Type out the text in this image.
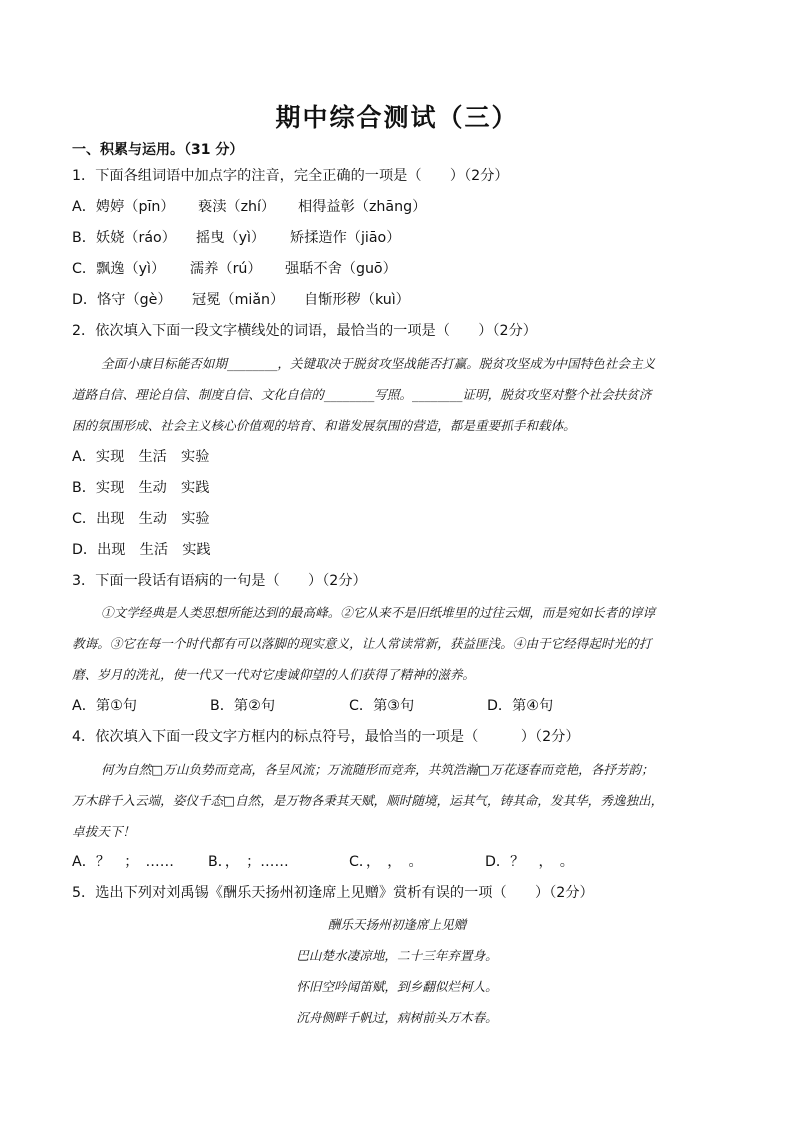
期中综合测试（三）
一、积累与运用。（31 分）
1．下面各组词语中加点字的注音，完全正确的一项是（　　）（2分）
A．娉婷（pīn） 亵渎（zhí） 相得益彰（zhāng）
B．妖娆（ráo） 摇曳（yì） 矫揉造作（jiāo）
C．飘逸（yì） 濡养（rú） 强聒不舍（guō）
D．恪守（gè） 冠冕（miǎn） 自惭形秽（kuì）
2．依次填入下面一段文字横线处的词语，最恰当的一项是（　　）（2分）
全面小康目标能否如期________，关键取决于脱贫攻坚战能否打赢。脱贫攻坚成为中国特色社会主义
道路自信、理论自信、制度自信、文化自信的________写照。________证明，脱贫攻坚对整个社会扶贫济
困的氛围形成、社会主义核心价值观的培育、和谐发展氛围的营造，都是重要抓手和载体。
A．实现　生活　实验
B．实现　生动　实践
C．出现　生动　实验
D．出现　生活　实践
3．下面一段话有语病的一句是（　　）（2分）
①文学经典是人类思想所能达到的最高峰。②它从来不是旧纸堆里的过往云烟，而是宛如长者的谆谆
教诲。③它在每一个时代都有可以落脚的现实意义，让人常读常新，获益匪浅。④由于它经得起时光的打
磨、岁月的洗礼，使一代又一代对它虔诚仰望的人们获得了精神的滋养。
A．第①句	B．第②句	C．第③句	D．第④句
4．依次填入下面一段文字方框内的标点符号，最恰当的一项是（　　　）（2分）
何为自然□万山负势而竞高，各呈风流；万流随形而竞奔，共筑浩瀚□万花逐春而竞艳，各抒芳韵；
万木辟千入云端，姿仪千态□自然，是万物各秉其天赋，顺时随境，运其气，铸其命，发其华，秀逸独出，
卓拔天下！
A．？　；　…… B．，　；……	C．，　，　。	D．？　，　。
5．选出下列对刘禹锡《酬乐天扬州初逢席上见赠》赏析有误的一项（　　）（2分）
酬乐天扬州初逢席上见赠
巴山楚水凄凉地，二十三年弃置身。
怀旧空吟闻笛赋，到乡翻似烂柯人。
沉舟侧畔千帆过，病树前头万木春。
